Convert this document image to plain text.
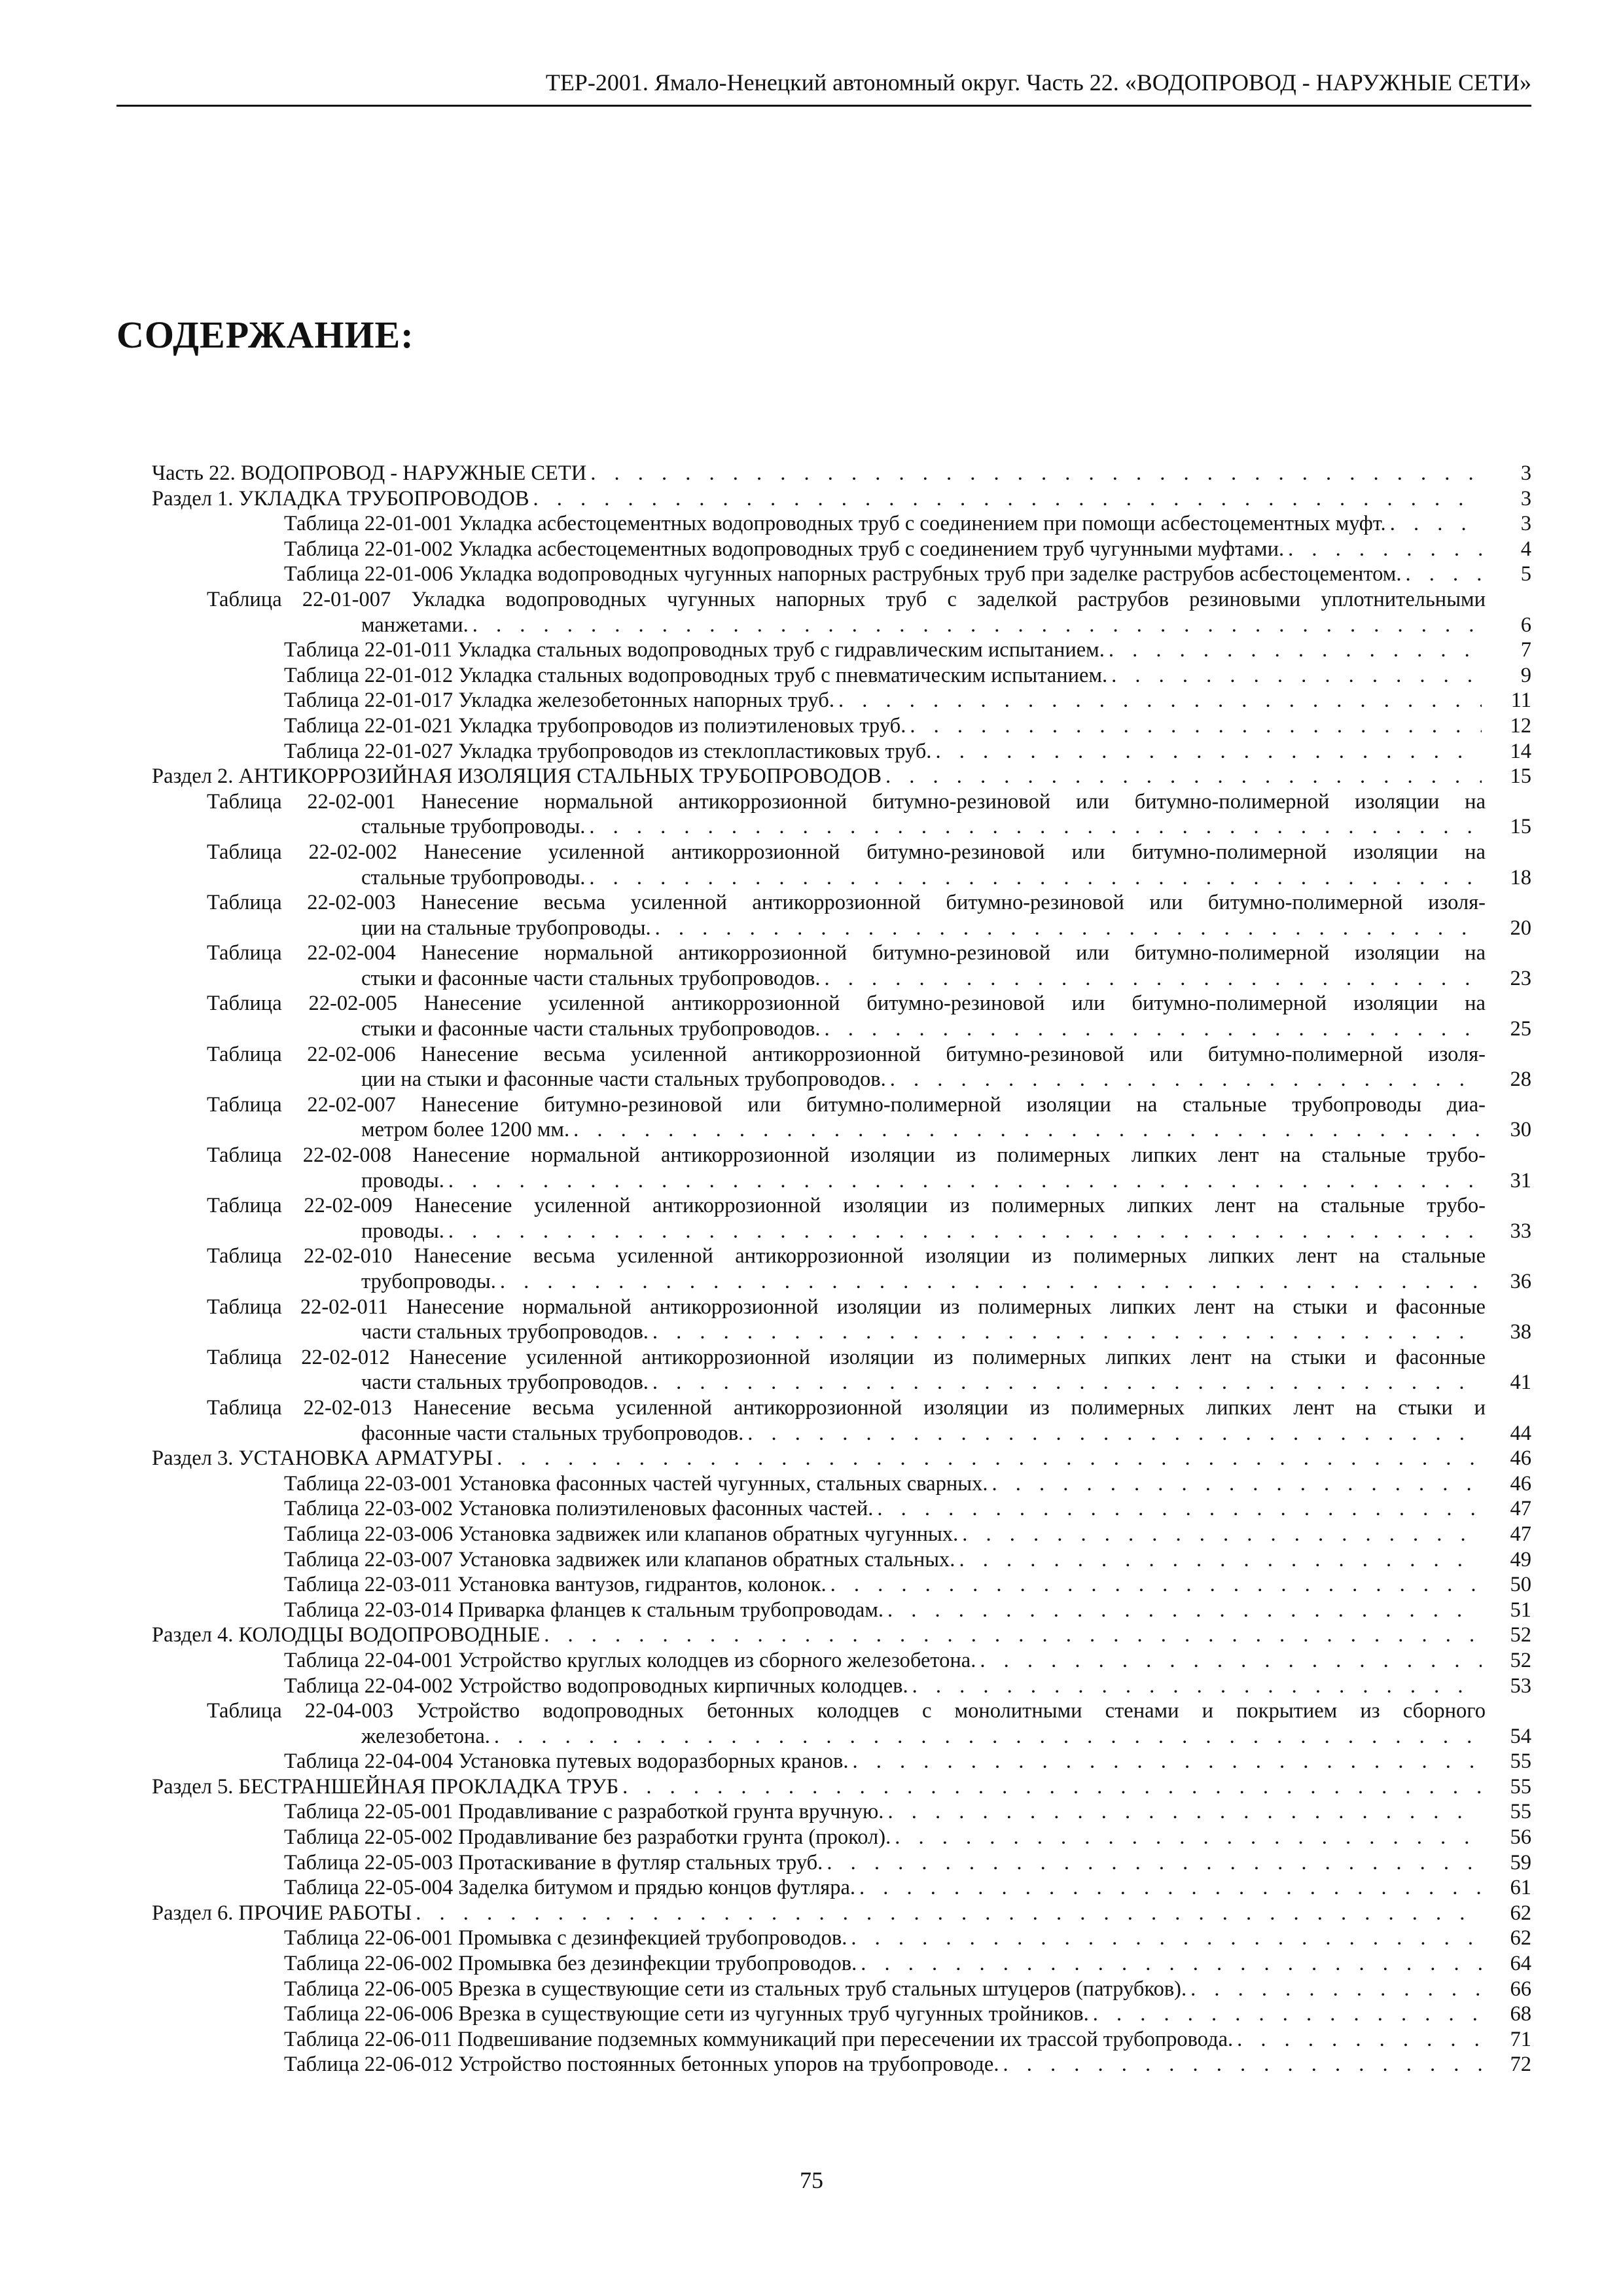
ТЕР-2001. Ямало-Ненецкий автономный округ. Часть 22. «ВОДОПРОВОД - НАРУЖНЫЕ СЕТИ»
СОДЕРЖАНИЕ:
Часть 22. ВОДОПРОВОД - НАРУЖНЫЕ СЕТИ . . .	3
Раздел 1. УКЛАДКА ТРУБОПРОВОДОВ . . .	3
Таблица 22-01-001 Укладка асбестоцементных водопроводных труб с соединением при помощи асбестоцементных муфт. . . .	3
Таблица 22-01-002 Укладка асбестоцементных водопроводных труб с соединением труб чугунными муфтами. . . .	4
Таблица 22-01-006 Укладка водопроводных чугунных напорных раструбных труб при заделке раструбов асбестоцементом. . . .	5
Таблица 22-01-007 Укладка водопроводных чугунных напорных труб с заделкой раструбов резиновыми уплотнительными
манжетами. . . .	6
Таблица 22-01-011 Укладка стальных водопроводных труб с гидравлическим испытанием. . . .	7
Таблица 22-01-012 Укладка стальных водопроводных труб с пневматическим испытанием. . . .	9
Таблица 22-01-017 Укладка железобетонных напорных труб. . . .	11
Таблица 22-01-021 Укладка трубопроводов из полиэтиленовых труб. . . .	12
Таблица 22-01-027 Укладка трубопроводов из стеклопластиковых труб. . . .	14
Раздел 2. АНТИКОРРОЗИЙНАЯ ИЗОЛЯЦИЯ СТАЛЬНЫХ ТРУБОПРОВОДОВ . . .	15
Таблица 22-02-001 Нанесение нормальной антикоррозионной битумно-резиновой или битумно-полимерной изоляции на
стальные трубопроводы. . . .	15
Таблица 22-02-002 Нанесение усиленной антикоррозионной битумно-резиновой или битумно-полимерной изоляции на
стальные трубопроводы. . . .	18
Таблица 22-02-003 Нанесение весьма усиленной антикоррозионной битумно-резиновой или битумно-полимерной изоля-
ции на стальные трубопроводы. . . .	20
Таблица 22-02-004 Нанесение нормальной антикоррозионной битумно-резиновой или битумно-полимерной изоляции на
стыки и фасонные части стальных трубопроводов. . . .	23
Таблица 22-02-005 Нанесение усиленной антикоррозионной битумно-резиновой или битумно-полимерной изоляции на
стыки и фасонные части стальных трубопроводов. . . .	25
Таблица 22-02-006 Нанесение весьма усиленной антикоррозионной битумно-резиновой или битумно-полимерной изоля-
ции на стыки и фасонные части стальных трубопроводов. . . .	28
Таблица 22-02-007 Нанесение битумно-резиновой или битумно-полимерной изоляции на стальные трубопроводы диа-
метром более 1200 мм. . . .	30
Таблица 22-02-008 Нанесение нормальной антикоррозионной изоляции из полимерных липких лент на стальные трубо-
проводы. . . .	31
Таблица 22-02-009 Нанесение усиленной антикоррозионной изоляции из полимерных липких лент на стальные трубо-
проводы. . . .	33
Таблица 22-02-010 Нанесение весьма усиленной антикоррозионной изоляции из полимерных липких лент на стальные
трубопроводы. . . .	36
Таблица 22-02-011 Нанесение нормальной антикоррозионной изоляции из полимерных липких лент на стыки и фасонные
части стальных трубопроводов. . . .	38
Таблица 22-02-012 Нанесение усиленной антикоррозионной изоляции из полимерных липких лент на стыки и фасонные
части стальных трубопроводов. . . .	41
Таблица 22-02-013 Нанесение весьма усиленной антикоррозионной изоляции из полимерных липких лент на стыки и
фасонные части стальных трубопроводов. . . .	44
Раздел 3. УСТАНОВКА АРМАТУРЫ . . .	46
Таблица 22-03-001 Установка фасонных частей чугунных, стальных сварных. . . .	46
Таблица 22-03-002 Установка полиэтиленовых фасонных частей. . . .	47
Таблица 22-03-006 Установка задвижек или клапанов обратных чугунных. . . .	47
Таблица 22-03-007 Установка задвижек или клапанов обратных стальных. . . .	49
Таблица 22-03-011 Установка вантузов, гидрантов, колонок. . . .	50
Таблица 22-03-014 Приварка фланцев к стальным трубопроводам. . . .	51
Раздел 4. КОЛОДЦЫ ВОДОПРОВОДНЫЕ . . .	52
Таблица 22-04-001 Устройство круглых колодцев из сборного железобетона. . . .	52
Таблица 22-04-002 Устройство водопроводных кирпичных колодцев. . . .	53
Таблица 22-04-003 Устройство водопроводных бетонных колодцев с монолитными стенами и покрытием из сборного
железобетона. . . .	54
Таблица 22-04-004 Установка путевых водоразборных кранов. . . .	55
Раздел 5. БЕСТРАНШЕЙНАЯ ПРОКЛАДКА ТРУБ . . .	55
Таблица 22-05-001 Продавливание с разработкой грунта вручную. . . .	55
Таблица 22-05-002 Продавливание без разработки грунта (прокол). . . .	56
Таблица 22-05-003 Протаскивание в футляр стальных труб. . . .	59
Таблица 22-05-004 Заделка битумом и прядью концов футляра. . . .	61
Раздел 6. ПРОЧИЕ РАБОТЫ . . .	62
Таблица 22-06-001 Промывка с дезинфекцией трубопроводов. . . .	62
Таблица 22-06-002 Промывка без дезинфекции трубопроводов. . . .	64
Таблица 22-06-005 Врезка в существующие сети из стальных труб стальных штуцеров (патрубков). . . .	66
Таблица 22-06-006 Врезка в существующие сети из чугунных труб чугунных тройников. . . .	68
Таблица 22-06-011 Подвешивание подземных коммуникаций при пересечении их трассой трубопровода. . . .	71
Таблица 22-06-012 Устройство постоянных бетонных упоров на трубопроводе. . . .	72
75
